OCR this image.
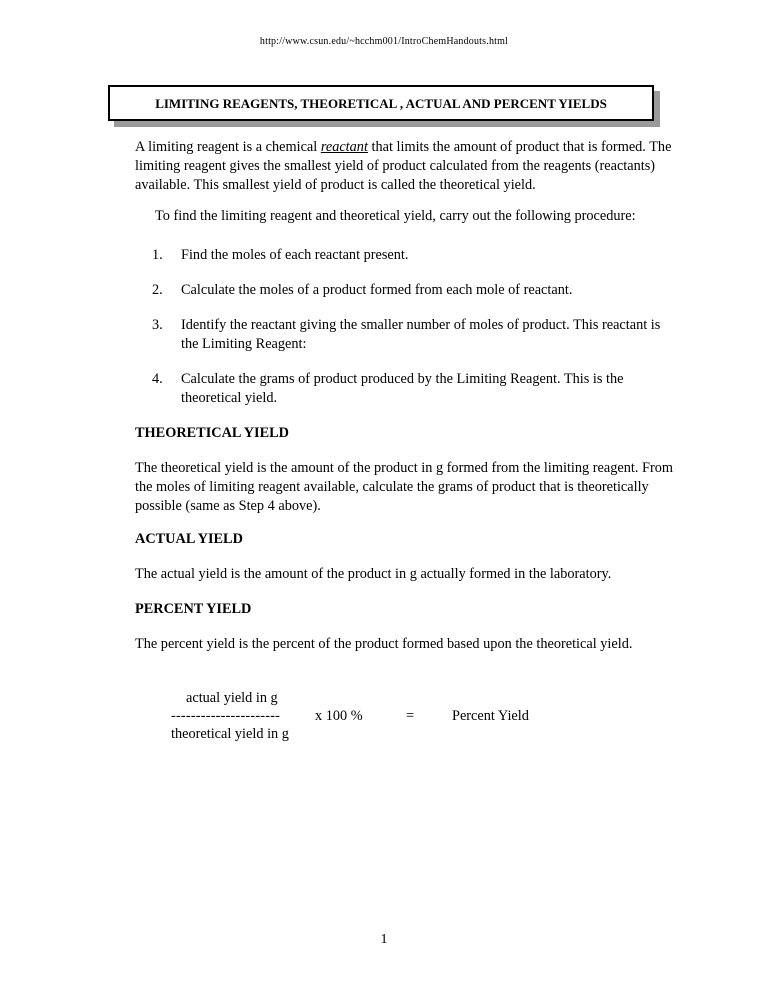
http://www.csun.edu/~hcchm001/IntroChemHandouts.html
LIMITING REAGENTS, THEORETICAL , ACTUAL AND PERCENT YIELDS
A limiting reagent is a chemical reactant that limits the amount of product that is formed. The limiting reagent gives the smallest yield of product calculated from the reagents (reactants) available. This smallest yield of product is called the theoretical yield.
To find the limiting reagent and theoretical yield, carry out the following procedure:
1. Find the moles of each reactant present.
2. Calculate the moles of a product formed from each mole of reactant.
3. Identify the reactant giving the smaller number of moles of product. This reactant is the Limiting Reagent:
4. Calculate the grams of product produced by the Limiting Reagent. This is the theoretical yield.
THEORETICAL YIELD
The theoretical yield is the amount of the product in g formed from the limiting reagent. From the moles of limiting reagent available, calculate the grams of product that is theoretically possible (same as Step 4 above).
ACTUAL YIELD
The actual yield is the amount of the product in g actually formed in the laboratory.
PERCENT YIELD
The percent yield is the percent of the product formed based upon the theoretical yield.
actual yield in g
----------------------
theoretical yield in g
x 100 %	=	Percent Yield
1
